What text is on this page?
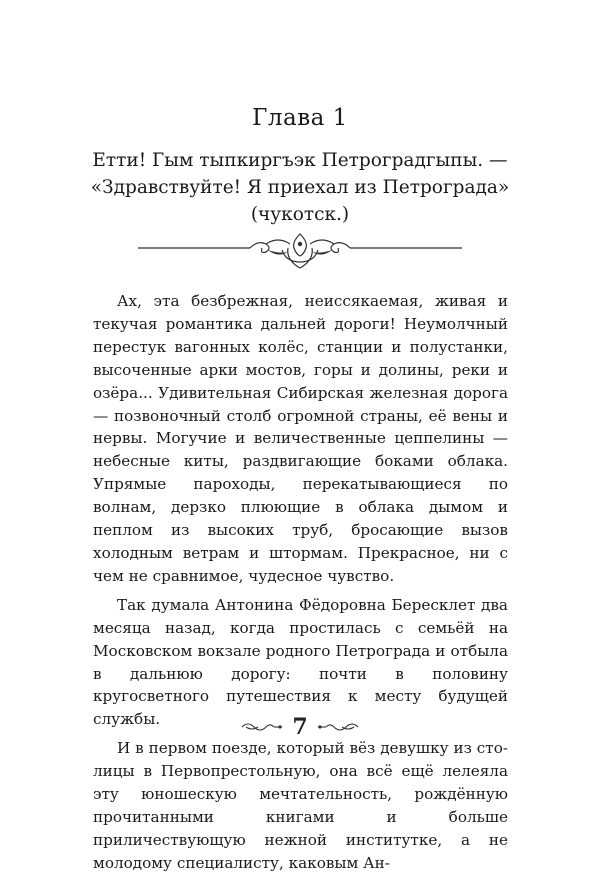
Глава 1
Етти! Гым тыпкиргъэк Петроградгыпы. —
«Здравствуйте! Я приехал из Петрограда»
(чукотск.)

Ах, эта безбрежная, неиссякаемая, живая и текучая романтика дальней дороги! Неумолчный перестук вагонных колёс, станции и полустанки, высоченные арки мостов, горы и долины, реки и озёра... Удивительная Сибирская железная дорога — позвоночный столб огромной страны, её вены и нервы. Могучие и величественные цеппелины — небесные киты, раздвигающие боками облака. Упрямые пароходы, перекатывающиеся по волнам, дерзко плюющие в облака дымом и пеплом из высоких труб, бросающие вызов холодным ветрам и штормам. Прекрасное, ни с чем не сравнимое, чудесное чувство.

Так думала Антонина Фёдоровна Бересклет два месяца назад, когда простилась с семьёй на Московском вокзале родного Петрограда и отбыла в дальнюю дорогу: почти в половину кругосветного путешествия к месту будущей службы.

И в первом поезде, который вёз девушку из столицы в Первопрестольную, она всё ещё лелеяла эту юношескую мечтательность, рождённую прочитанными книгами и больше приличествующую нежной институтке, а не молодому специалисту, каковым Ан-

7
